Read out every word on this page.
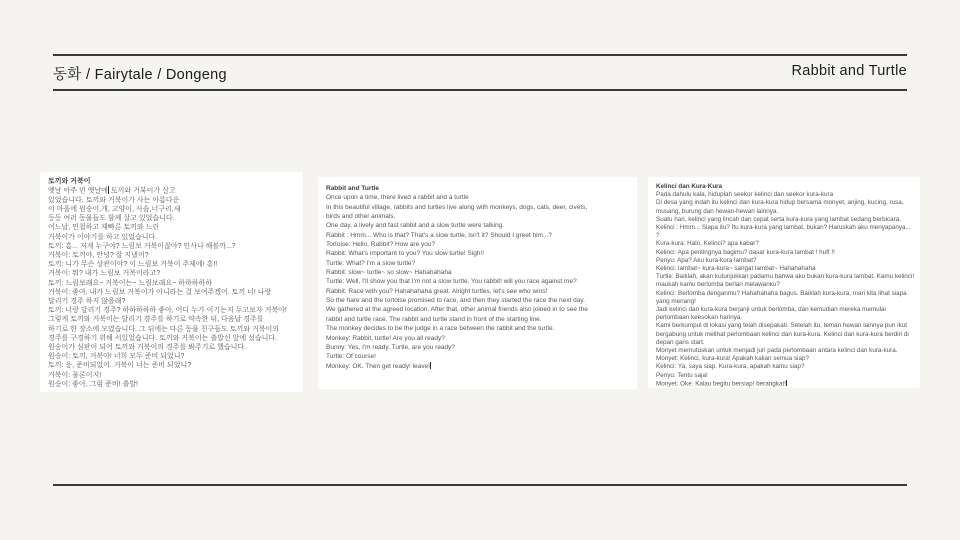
동화 / Fairytale / Dongeng	Rabbit and Turtle
토끼와 거북이
옛날 아주 먼 옛날에 토끼와 거북이가 살고
있었습니다. 토끼와 거북이가 사는 아름다운
이 마을에 원숭이,개, 고양이, 사슴,너구리,새
등등 여러 동물들도 함께 살고 있었습니다.
어느날, 민첩하고 재빠른 토끼와 느린
거북이가 이야기를 하고 있었습니다.
토끼: 흠... 저게 누구야? 느림보 거북이잖아? 인사나 해볼까...?
거북이: 토끼야, 안녕? 잘 지냈어?
토끼: 니가 무슨 상관이야? 이 느림보 거북이 주제에! 흥!!
거북이: 뭐? 내가 느림보 거북이라고?
토끼: 느림보래요~ 거북이는~ 느림보래요~ 하하하하하
거북이: 좋아, 내가 느림보 거북이가 아니라는 걸 보여주겠어. 토끼 너! 나랑
달리기 경주 하지 않을래?
토끼: 너랑 달리기 경주? 하하하하하 좋아, 어디 누가 이기는지 두고보자 거북아!
그렇게 토끼와 거북이는 달리기 경주를 하기로 약속한 뒤, 다음날 경주를
하기로 한 장소에 모였습니다. 그 뒤에는 다른 동물 친구들도 토끼와 거북이의
경주를 구경하기 위해 서있었습니다. 토끼와 거북이는 출발선 앞에 섰습니다.
원숭이가 심판이 되어 토끼와 거북이의 경주를 봐주기로 했습니다.
원숭이: 토끼, 거북아! 너희 모두 준비 되었니?
토끼: 응, 준비되었어. 거북이 너는 준비 되었니?
거북이: 물론이지!
원숭이: 좋아, 그럼 준비! 출발!
Rabbit and Turtle
Once upon a time, there lived a rabbit and a turtle
In this beautiful village, rabbits and turtles live along with monkeys, dogs, cats, deer, civets,
birds and other animals.
One day, a lively and fast rabbit and a slow turtle were talking.
Rabbit : Hmm... Who is that? That's a slow turtle, isn't it? Should I greet him...?
Tortoise: Hello, Rabbit? How are you?
Rabbit: What's important to you? You slow turtle! Sigh!!
Turtle: What? I'm a slow turtle?
Rabbit: slow~ turtle~ so slow~ Hahahahaha
Turtle: Well, I'll show you that I'm not a slow turtle. You rabbit! will you race against me?
Rabbit: Race with you? Hahahahaha great. Alright turtles, let's see who wins!
So the hare and the tortoise promised to race, and then they started the race the next day.
We gathered at the agreed location. After that, other animal friends also joined in to see the
rabbit and turtle race. The rabbit and turtle stand in front of the starting line.
The monkey decides to be the judge in a race between the rabbit and the turtle.
Monkey: Rabbit, turtle! Are you all ready?
Bunny: Yes, I'm ready. Turtle, are you ready?
Turtle: Of course!
Monkey: OK. Then get ready! leave!
Kelinci dan Kura-Kura
Pada dahulu kala, hiduplah seekor kelinci dan seekor kura-kura
Di desa yang indah itu kelinci dan kura-kura hidup bersama monyet, anjing, kucing, rusa,
musang, burung dan hewan-hewan lainnya.
Suatu hari, kelinci yang lincah dan cepat serta kura-kura yang lambat sedang berbicara.
Kelinci : Hmm... Siapa itu? Itu kura-kura yang lambat, bukan? Haruskah aku menyapanya...
?
Kura-kura: Halo, Kelinci? apa kabar?
Kelinci: Apa pentingnya bagimu? dasar kura-kura lambat ! huft !!
Penyu: Apa? Aku kura-kura lambat?
Kelinci: lambat~ kura-kura~ sangat lambat~ Hahahahaha
Turtle: Baiklah, akan kutunjukkan padamu bahwa aku bukan kura-kura lambat. Kamu kelinci!
maukah kamu berlomba berlari melawanku?
Kelinci: Berlomba denganmu? Hahahahaha bagus. Baiklah kura-kura, mari kita lihat siapa
yang menang!
Jadi kelinci dan kura-kura berjanji untuk berlomba, dan kemudian mereka memulai
perlombaan keesokan harinya.
Kami berkumpul di lokasi yang telah disepakati. Setelah itu, teman hewan lainnya pun ikut
bergabung untuk melihat perlombaan kelinci dan kura-kura. Kelinci dan kura-kura berdiri di
depan garis start.
Monyet memutuskan untuk menjadi juri pada perlombaan antara kelinci dan kura-kura.
Monyet: Kelinci, kura-kura! Apakah kalian semua siap?
Kelinci: Ya, saya siap. Kura-kura, apakah kamu siap?
Penyu: Tentu saja!
Monyet: Oke. Kalau begitu bersiap! berangkat!
